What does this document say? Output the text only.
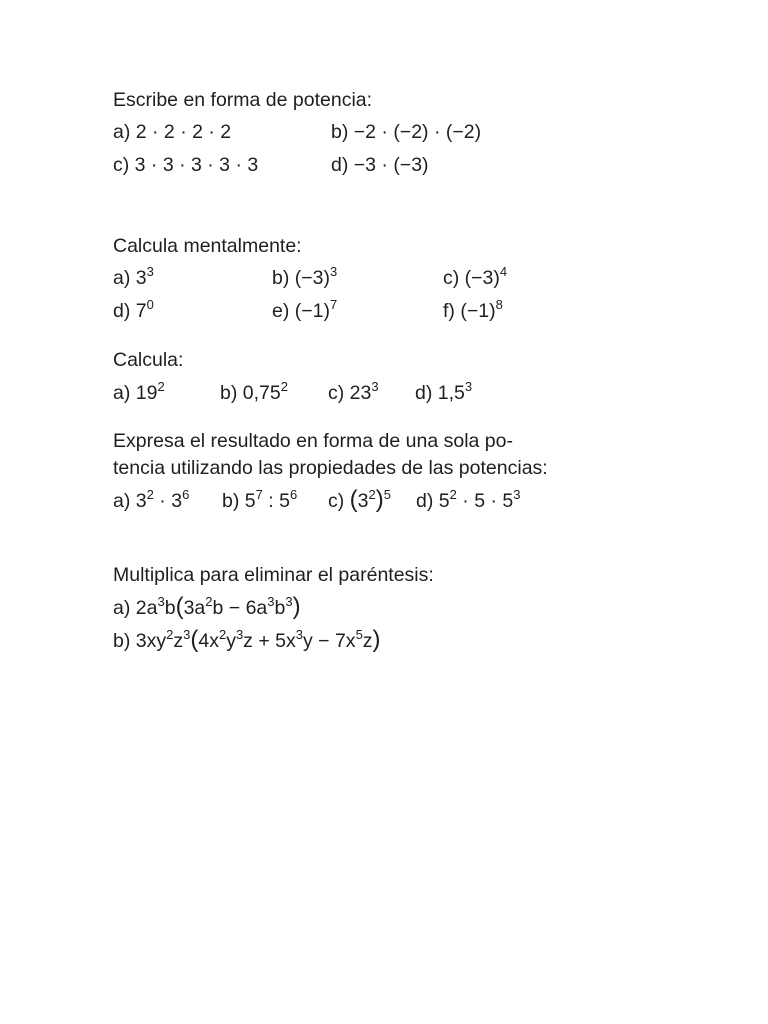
Escribe en forma de potencia:
a) 2 · 2 · 2 · 2	b) −2 · (−2) · (−2)
c) 3 · 3 · 3 · 3 · 3	d) −3 · (−3)
Calcula mentalmente:
a) $3^3$	b) $(-3)^3$	c) $(-3)^4$
d) $7^0$	e) $(-1)^7$	f) $(-1)^8$
Calcula:
a) $19^2$	b) 0,75$^2$ c) $23^3$ d) $1,5^3$
Expresa el resultado en forma de una sola po-
tencia utilizando las propiedades de las potencias:
a) $3^2 \cdot 3^6$ b) $5^7$ : $5^6$ c) $(3^2)^5$ d) $5^2 \cdot 5 \cdot 5^3$
Multiplica para eliminar el paréntesis:
a) $2a^3b(3a^2b - 6a^3b^3)$
b) $3xy^2z^3(4x^2y^3z + 5x^3y - 7x^5z)$
